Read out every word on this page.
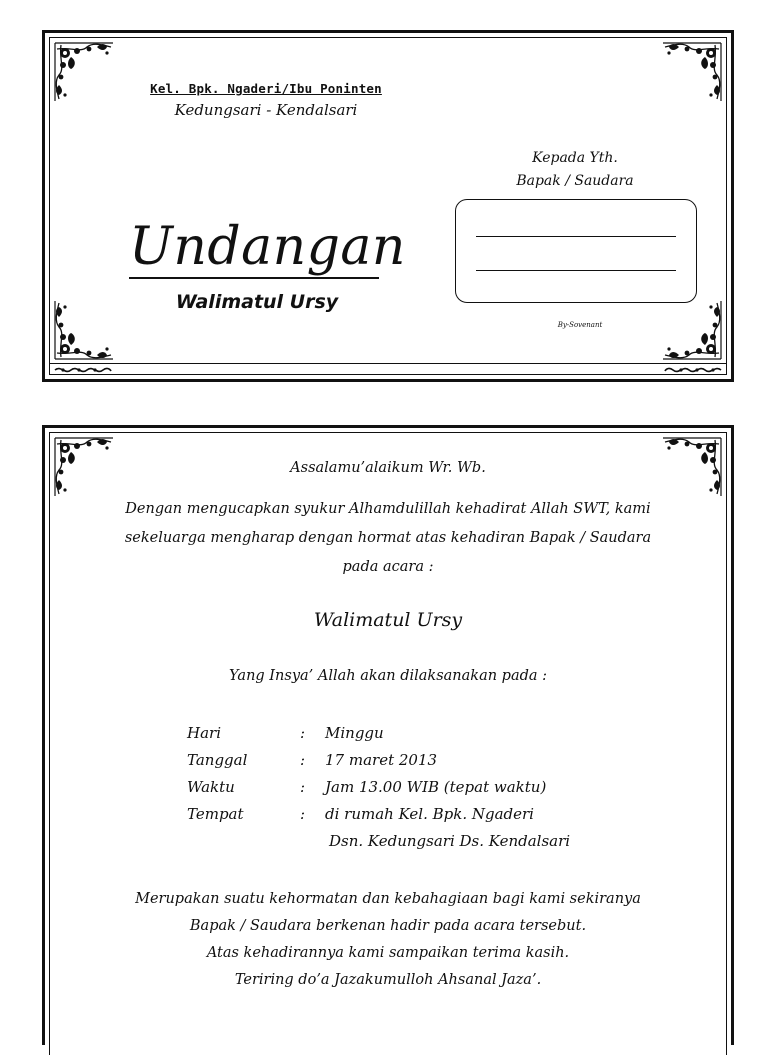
Kel. Bpk. Ngaderi/Ibu Poninten
Kedungsari - Kendalsari
Kepada Yth.
Bapak / Saudara
Undangan
Walimatul Ursy
By-Sovenant
Assalamu’alaikum Wr. Wb.
Dengan mengucapkan syukur Alhamdulillah kehadirat Allah SWT, kami
sekeluarga mengharap dengan hormat atas kehadiran Bapak / Saudara
pada acara :
Walimatul Ursy
Yang Insya’ Allah akan dilaksanakan pada :
Hari	: Minggu
Tanggal	: 17 maret 2013
Waktu	: Jam 13.00 WIB (tepat waktu)
Tempat	: di rumah Kel. Bpk. Ngaderi
Dsn. Kedungsari Ds. Kendalsari
Merupakan suatu kehormatan dan kebahagiaan bagi kami sekiranya
Bapak / Saudara berkenan hadir pada acara tersebut.
Atas kehadirannya kami sampaikan terima kasih.
Teriring do’a Jazakumulloh Ahsanal Jaza’.
